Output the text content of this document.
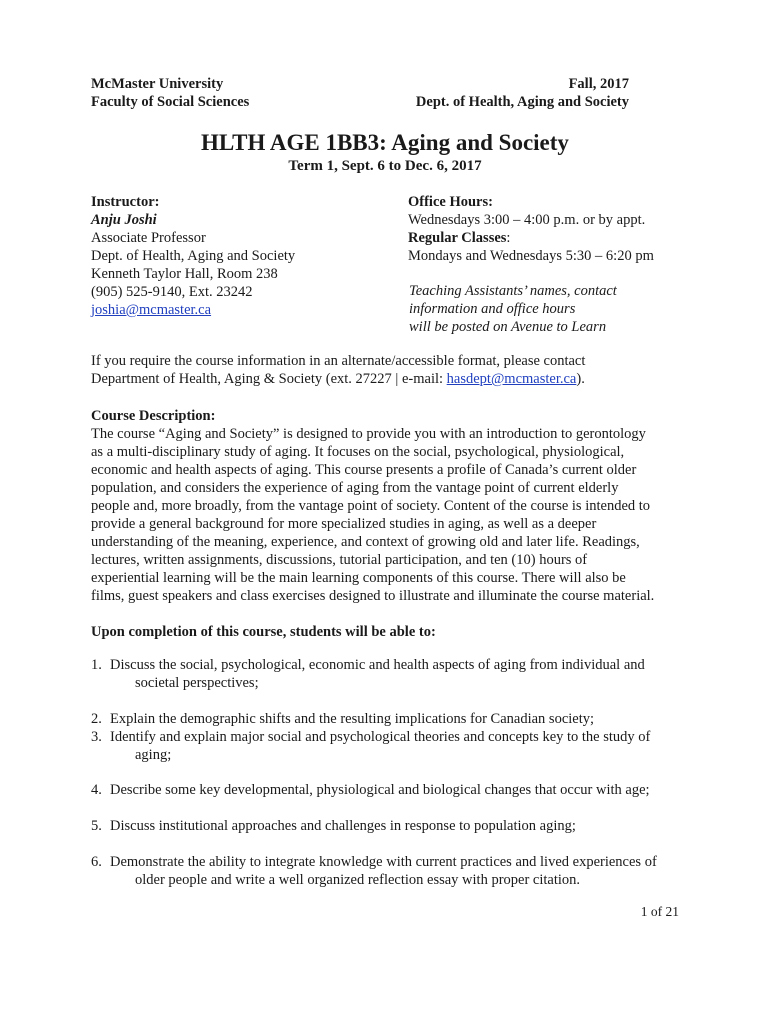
McMaster University
Faculty of Social Sciences
Fall, 2017
Dept. of Health, Aging and Society
HLTH AGE 1BB3: Aging and Society
Term 1, Sept. 6 to Dec. 6, 2017
Instructor:
Anju Joshi
Associate Professor
Dept. of Health, Aging and Society
Kenneth Taylor Hall, Room 238
(905) 525-9140, Ext. 23242
joshia@mcmaster.ca
Office Hours:
Wednesdays 3:00 – 4:00 p.m. or by appt.
Regular Classes:
Mondays and Wednesdays 5:30 – 6:20 pm
Teaching Assistants’ names, contact
information and office hours
will be posted on Avenue to Learn
If you require the course information in an alternate/accessible format, please contact
Department of Health, Aging & Society (ext. 27227 | e-mail: hasdept@mcmaster.ca).
Course Description:
The course “Aging and Society” is designed to provide you with an introduction to gerontology
as a multi-disciplinary study of aging. It focuses on the social, psychological, physiological,
economic and health aspects of aging. This course presents a profile of Canada’s current older
population, and considers the experience of aging from the vantage point of current elderly
people and, more broadly, from the vantage point of society. Content of the course is intended to
provide a general background for more specialized studies in aging, as well as a deeper
understanding of the meaning, experience, and context of growing old and later life. Readings,
lectures, written assignments, discussions, tutorial participation, and ten (10) hours of
experiential learning will be the main learning components of this course. There will also be
films, guest speakers and class exercises designed to illustrate and illuminate the course material.
Upon completion of this course, students will be able to:
1. Discuss the social, psychological, economic and health aspects of aging from individual and
societal perspectives;
2. Explain the demographic shifts and the resulting implications for Canadian society;
3. Identify and explain major social and psychological theories and concepts key to the study of
aging;
4. Describe some key developmental, physiological and biological changes that occur with age;
5. Discuss institutional approaches and challenges in response to population aging;
6. Demonstrate the ability to integrate knowledge with current practices and lived experiences of
older people and write a well organized reflection essay with proper citation.
1 of 21
